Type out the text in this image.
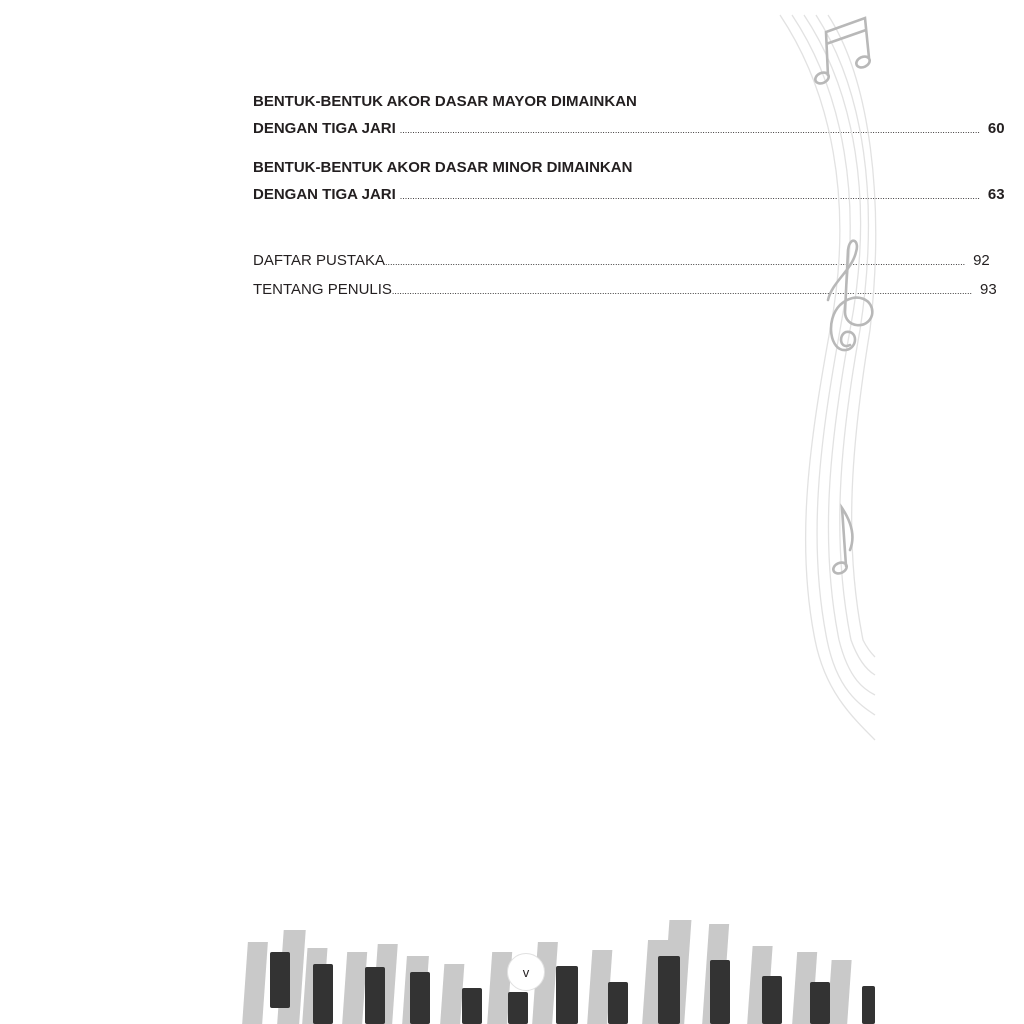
BENTUK-BENTUK AKOR DASAR MAYOR DIMAINKAN
DENGAN TIGA JARI ........................................................................................................................................................................................................................................ 60
BENTUK-BENTUK AKOR DASAR MINOR DIMAINKAN
DENGAN TIGA JARI ........................................................................................................................................................................................................................................ 63
DAFTAR PUSTAKA ........................................................................................................................................................................................................................................ 92
TENTANG PENULIS ........................................................................................................................................................................................................................................ 93
v
